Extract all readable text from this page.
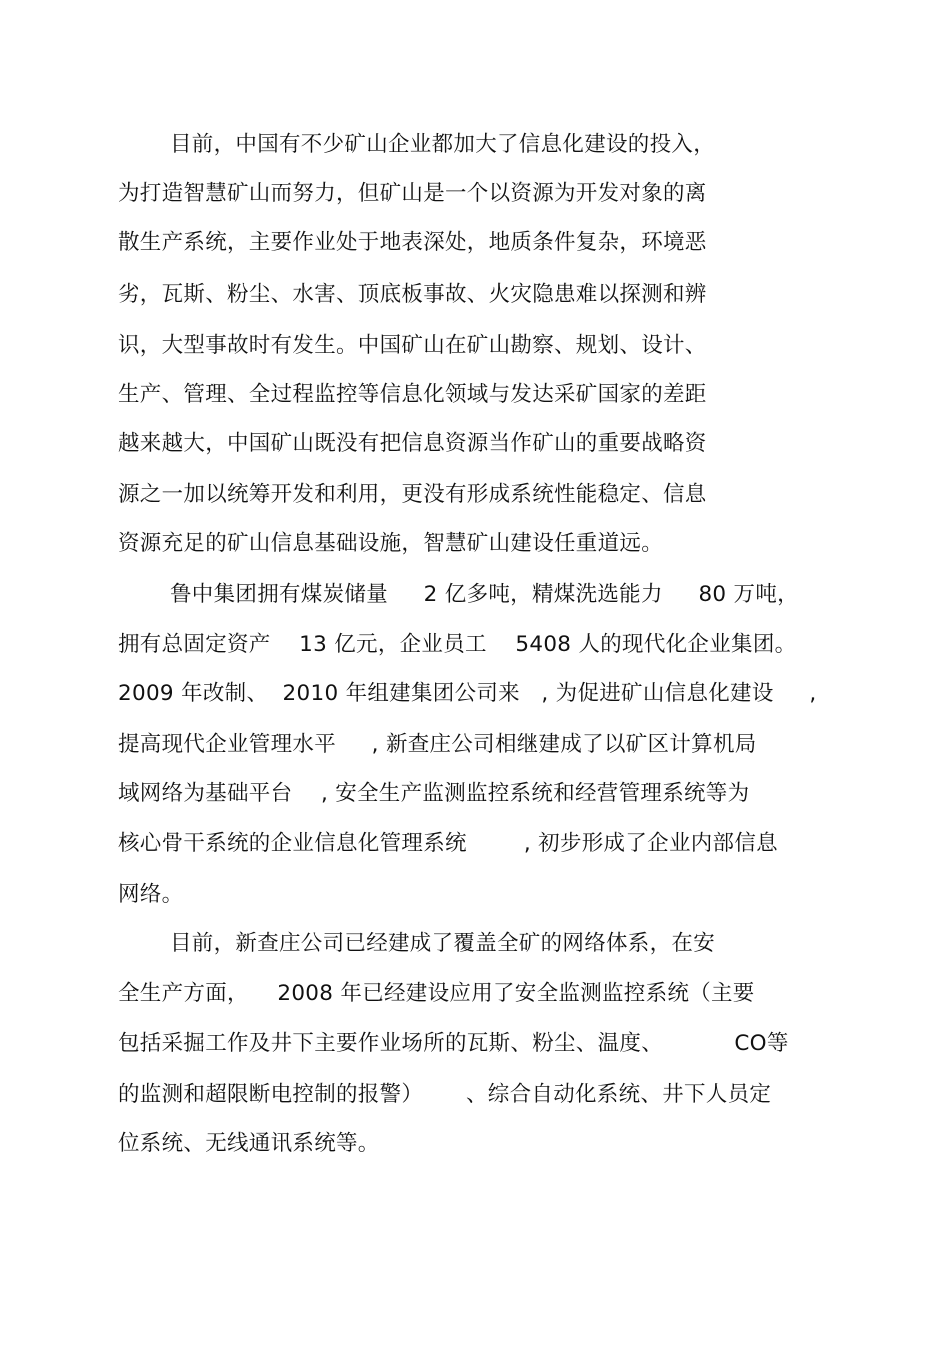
目前，中国有不少矿山企业都加大了信息化建设的投入，
为打造智慧矿山而努力，但矿山是一个以资源为开发对象的离
散生产系统，主要作业处于地表深处，地质条件复杂，环境恶
劣，瓦斯、粉尘、水害、顶底板事故、火灾隐患难以探测和辨
识，大型事故时有发生。中国矿山在矿山勘察、规划、设计、
生产、管理、全过程监控等信息化领域与发达采矿国家的差距
越来越大，中国矿山既没有把信息资源当作矿山的重要战略资
源之一加以统筹开发和利用，更没有形成系统性能稳定、信息
资源充足的矿山信息基础设施，智慧矿山建设任重道远。
鲁中集团拥有煤炭储量     2 亿多吨，精煤洗选能力     80 万吨，
拥有总固定资产    13 亿元，企业员工    5408 人的现代化企业集团。
2009 年改制、  2010 年组建集团公司来   , 为促进矿山信息化建设     ,
提高现代企业管理水平     , 新查庄公司相继建成了以矿区计算机局
域网络为基础平台    , 安全生产监测监控系统和经营管理系统等为
核心骨干系统的企业信息化管理系统        , 初步形成了企业内部信息
网络。
目前，新查庄公司已经建成了覆盖全矿的网络体系，在安
全生产方面，    2008 年已经建设应用了安全监测监控系统（主要
包括采掘工作及井下主要作业场所的瓦斯、粉尘、温度、          CO等
的监测和超限断电控制的报警）      、综合自动化系统、井下人员定
位系统、无线通讯系统等。
